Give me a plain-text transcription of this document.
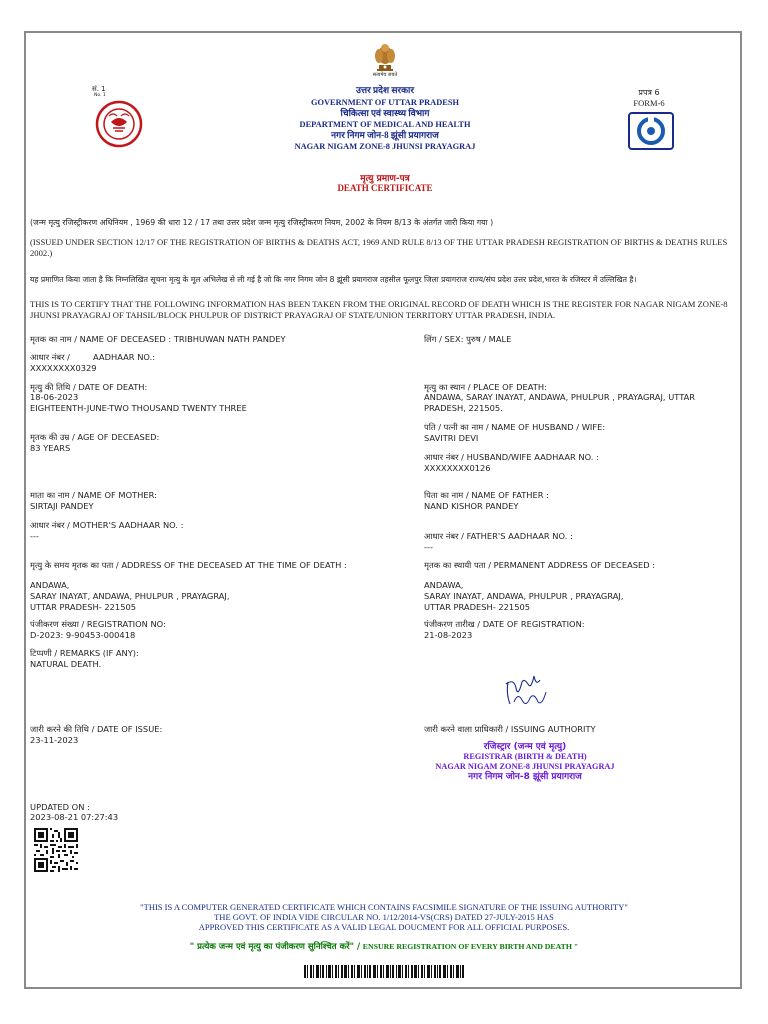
सत्यमेव जयते
सं. 1
No. 1
उत्तर प्रदेश सरकार
GOVERNMENT OF UTTAR PRADESH
चिकित्सा एवं स्वास्थ्य विभाग
DEPARTMENT OF MEDICAL AND HEALTH
नगर निगम जोन-8 झूंसी प्रयागराज
NAGAR NIGAM ZONE-8 JHUNSI PRAYAGRAJ
मृत्यु प्रमाण-पत्र
DEATH CERTIFICATE
प्रपत्र 6
FORM-6
(जन्म मृत्यु रजिस्ट्रीकरण अधिनियम , 1969 की धारा 12 / 17 तथा उत्तर प्रदेश जन्म मृत्यु रजिस्ट्रीकरण नियम, 2002 के नियम 8/13 के अंतर्गत जारी किया गया )
(ISSUED UNDER SECTION 12/17 OF THE REGISTRATION OF BIRTHS & DEATHS ACT, 1969 AND RULE 8/13 OF THE UTTAR PRADESH REGISTRATION OF BIRTHS & DEATHS RULES 2002.)
यह प्रमाणित किया जाता है कि निम्नलिखित सूचना मृत्यु के मूल अभिलेख से ली गई है जो कि नगर निगम जोन 8 झूंसी प्रयागराज तहसील फूलपुर जिला प्रयागराज राज्य/संघ प्रदेश उत्तर प्रदेश,भारत के रजिस्टर में उल्लिखित है।
THIS IS TO CERTIFY THAT THE FOLLOWING INFORMATION HAS BEEN TAKEN FROM THE ORIGINAL RECORD OF DEATH WHICH IS THE REGISTER FOR NAGAR NIGAM ZONE-8 JHUNSI PRAYAGRAJ OF TAHSIL/BLOCK PHULPUR OF DISTRICT PRAYAGRAJ OF STATE/UNION TERRITORY UTTAR PRADESH, INDIA.
मृतक का नाम / NAME OF DECEASED : TRIBHUWAN NATH PANDEY
आधार नंबर /	AADHAAR NO.:
XXXXXXXX0329
मृत्यु की तिथि / DATE OF DEATH:
18-06-2023
EIGHTEENTH-JUNE-TWO THOUSAND TWENTY THREE
मृतक की उम्र / AGE OF DECEASED:
83 YEARS
माता का नाम / NAME OF MOTHER:
SIRTAJI PANDEY
आधार नंबर / MOTHER'S AADHAAR NO. :
---
मृत्यु के समय मृतक का पता / ADDRESS OF THE DECEASED AT THE TIME OF DEATH :
ANDAWA,
SARAY INAYAT, ANDAWA, PHULPUR , PRAYAGRAJ,
UTTAR PRADESH- 221505
पंजीकरण संख्या / REGISTRATION NO:
D-2023: 9-90453-000418
टिप्पणी / REMARKS (IF ANY):
NATURAL DEATH.
जारी करने की तिथि / DATE OF ISSUE:
23-11-2023
लिंग / SEX: पुरुष / MALE
मृत्यु का स्थान / PLACE OF DEATH:
ANDAWA, SARAY INAYAT, ANDAWA, PHULPUR , PRAYAGRAJ, UTTAR PRADESH, 221505.
पति / पत्नी का नाम / NAME OF HUSBAND / WIFE:
SAVITRI DEVI
आधार नंबर / HUSBAND/WIFE AADHAAR NO. :
XXXXXXXX0126
पिता का नाम / NAME OF FATHER :
NAND KISHOR PANDEY
आधार नंबर / FATHER'S AADHAAR NO. :
---
मृतक का स्थायी पता / PERMANENT ADDRESS OF DECEASED :
ANDAWA,
SARAY INAYAT, ANDAWA, PHULPUR , PRAYAGRAJ,
UTTAR PRADESH- 221505
पंजीकरण तारीख / DATE OF REGISTRATION:
21-08-2023
जारी करने वाला प्राधिकारी / ISSUING AUTHORITY
रजिस्ट्रार (जन्म एवं मृत्यु)
REGISTRAR (BIRTH & DEATH)
NAGAR NIGAM ZONE-8 JHUNSI PRAYAGRAJ
नगर निगम जोन-8 झूंसी प्रयागराज
UPDATED ON :
2023-08-21 07:27:43
"THIS IS A COMPUTER GENERATED CERTIFICATE WHICH CONTAINS FACSIMILE SIGNATURE OF THE ISSUING AUTHORITY"
THE GOVT. OF INDIA VIDE CIRCULAR NO. 1/12/2014-VS(CRS) DATED 27-JULY-2015 HAS
APPROVED THIS CERTIFICATE AS A VALID LEGAL DOUCMENT FOR ALL OFFICIAL PURPOSES.
" प्रत्येक जन्म एवं मृत्यु का पंजीकरण सुनिश्चित करें" / ENSURE REGISTRATION OF EVERY BIRTH AND DEATH "
